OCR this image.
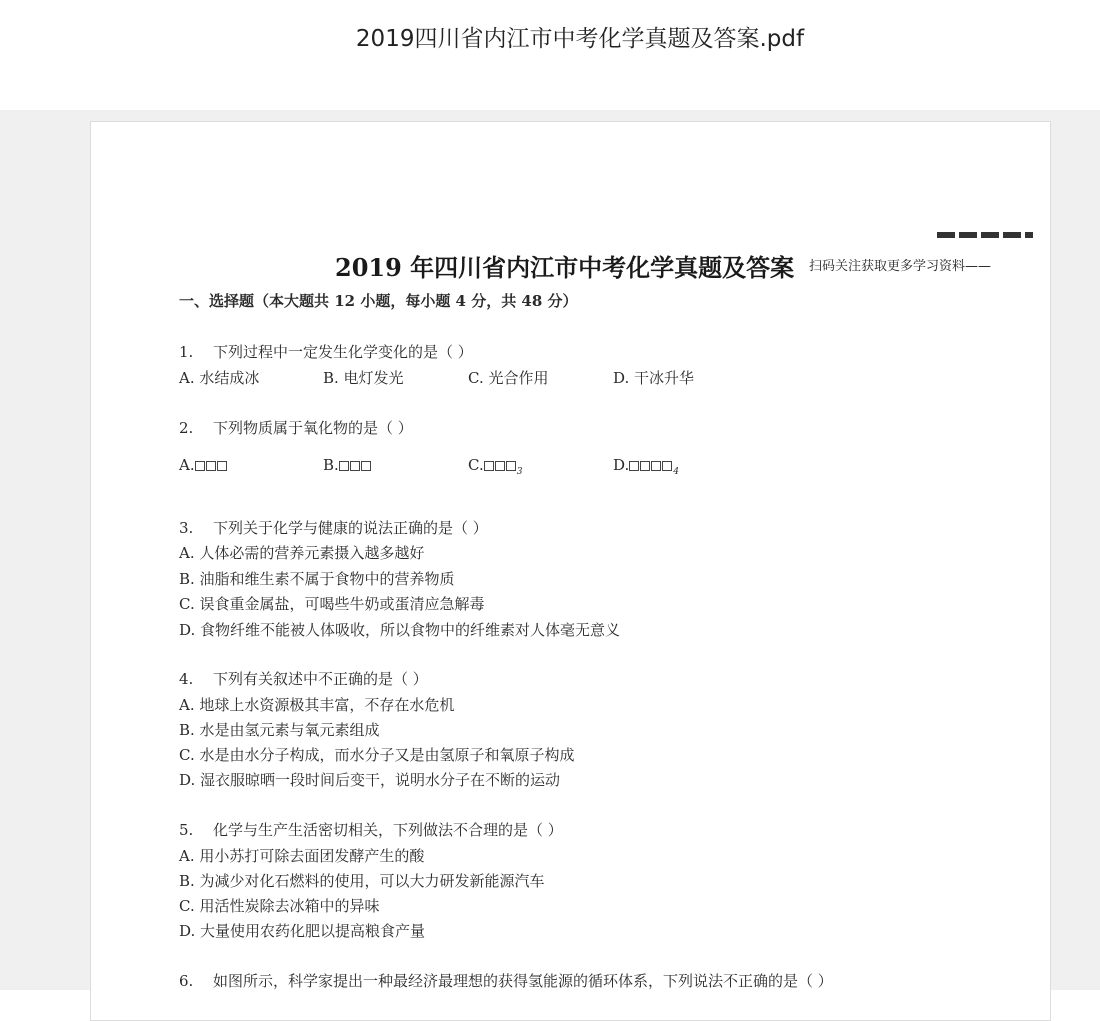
2019四川省内江市中考化学真题及答案.pdf
2019 年四川省内江市中考化学真题及答案 扫码关注获取更多学习资料——
一、选择题（本大题共 12 小题，每小题 4 分，共 48 分）
1. 下列过程中一定发生化学变化的是（ ）
A. 水结成冰	B. 电灯发光	C. 光合作用	D. 干冰升华
2. 下列物质属于氧化物的是（ ）
A.	B.	C.	$_3$	D.	$_4$
3. 下列关于化学与健康的说法正确的是（ ）
A. 人体必需的营养元素摄入越多越好
B. 油脂和维生素不属于食物中的营养物质
C. 误食重金属盐，可喝些牛奶或蛋清应急解毒
D. 食物纤维不能被人体吸收，所以食物中的纤维素对人体毫无意义
4. 下列有关叙述中不正确的是（ ）
A. 地球上水资源极其丰富，不存在水危机
B. 水是由氢元素与氧元素组成
C. 水是由水分子构成，而水分子又是由氢原子和氧原子构成
D. 湿衣服晾晒一段时间后变干，说明水分子在不断的运动
5. 化学与生产生活密切相关，下列做法不合理的是（ ）
A. 用小苏打可除去面团发酵产生的酸
B. 为减少对化石燃料的使用，可以大力研发新能源汽车
C. 用活性炭除去冰箱中的异味
D. 大量使用农药化肥以提高粮食产量
6. 如图所示，科学家提出一种最经济最理想的获得氢能源的循环体系，下列说法不正确的是（ ）
